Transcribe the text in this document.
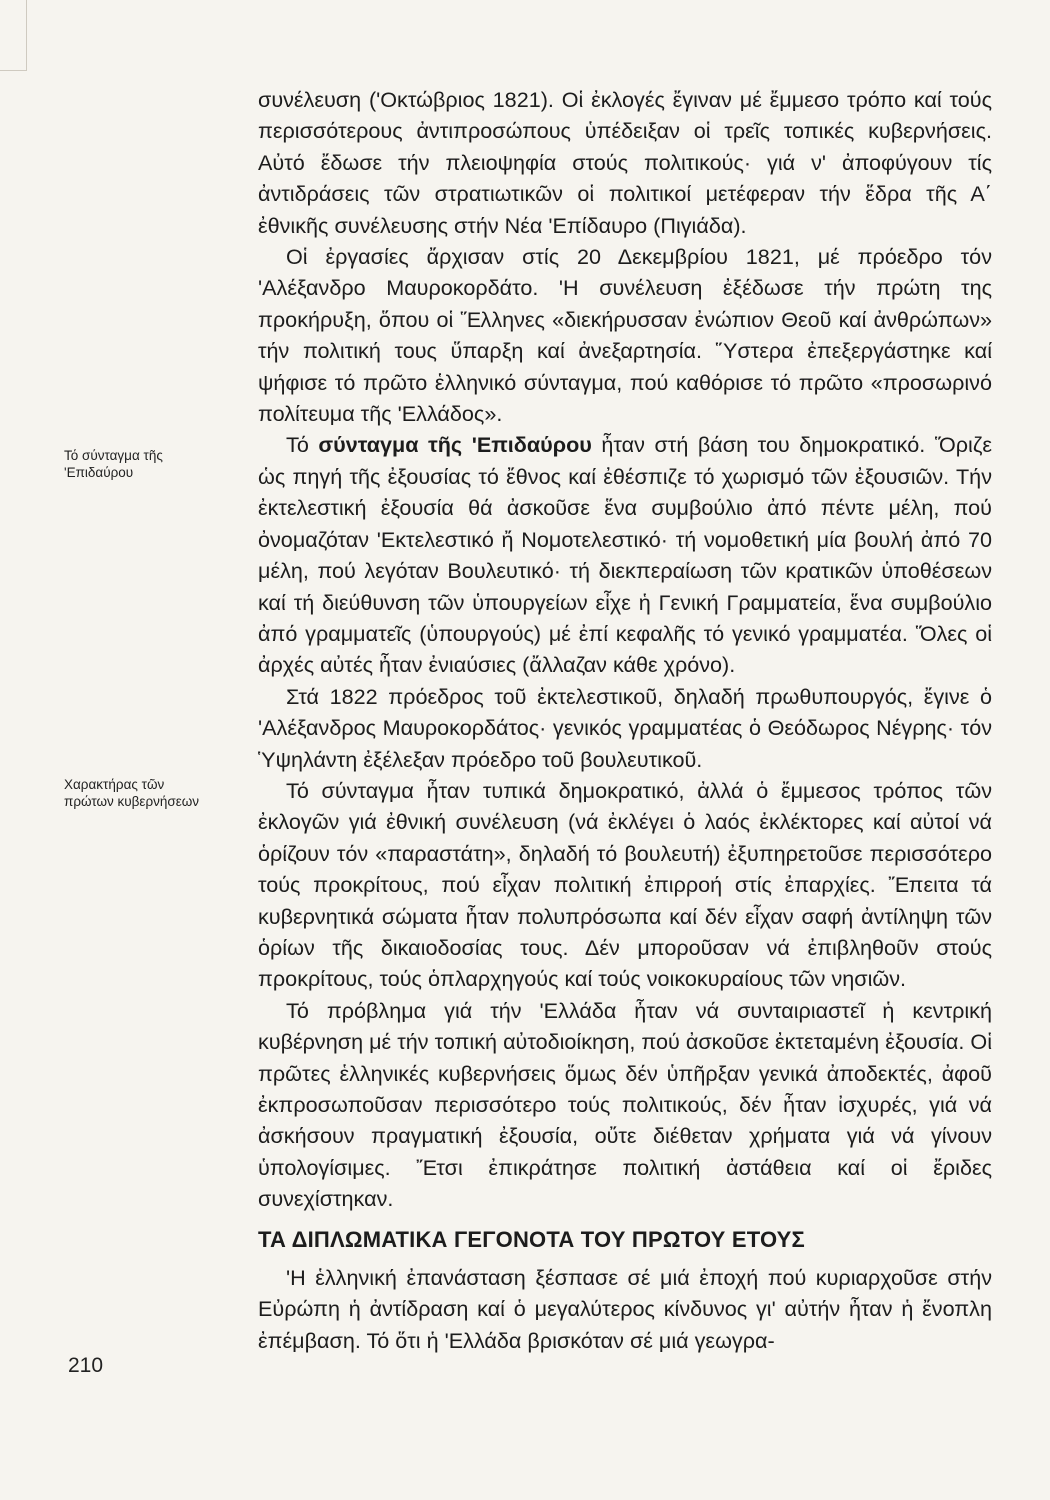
Τό σύνταγμα τῆς 'Επιδαύρου
Χαρακτήρας τῶν πρώτων κυβερνήσεων

συνέλευση ('Οκτώβριος 1821). Οἱ ἐκλογές ἔγιναν μέ ἔμμεσο τρόπο καί τούς περισσότερους ἀντιπροσώπους ὑπέδειξαν οἱ τρεῖς τοπικές κυβερνήσεις. Αὐτό ἔδωσε τήν πλειοψηφία στούς πολιτικούς· γιά ν' ἀποφύγουν τίς ἀντιδράσεις τῶν στρατιωτικῶν οἱ πολιτικοί μετέφεραν τήν ἕδρα τῆς Α΄ ἐθνικῆς συνέλευσης στήν Νέα 'Επίδαυρο (Πιγιάδα).

Οἱ ἐργασίες ἄρχισαν στίς 20 Δεκεμβρίου 1821, μέ πρόεδρο τόν 'Αλέξανδρο Μαυροκορδάτο. 'Η συνέλευση ἐξέδωσε τήν πρώτη της προκήρυξη, ὅπου οἱ Ἕλληνες «διεκήρυσσαν ἐνώπιον Θεοῦ καί ἀνθρώπων» τήν πολιτική τους ὕπαρξη καί ἀνεξαρτησία. Ὕστερα ἐπεξεργάστηκε καί ψήφισε τό πρῶτο ἑλληνικό σύνταγμα, πού καθόρισε τό πρῶτο «προσωρινό πολίτευμα τῆς 'Ελλάδος».

Τό σύνταγμα τῆς 'Επιδαύρου ἦταν στή βάση του δημοκρατικό. Ὅριζε ὡς πηγή τῆς ἐξουσίας τό ἔθνος καί ἐθέσπιζε τό χωρισμό τῶν ἐξουσιῶν. Τήν ἐκτελεστική ἐξουσία θά ἀσκοῦσε ἕνα συμβούλιο ἀπό πέντε μέλη, πού ὀνομαζόταν 'Εκτελεστικό ἤ Νομοτελεστικό· τή νομοθετική μία βουλή ἀπό 70 μέλη, πού λεγόταν Βουλευτικό· τή διεκπεραίωση τῶν κρατικῶν ὑποθέσεων καί τή διεύθυνση τῶν ὑπουργείων εἶχε ἡ Γενική Γραμματεία, ἕνα συμβούλιο ἀπό γραμματεῖς (ὑπουργούς) μέ ἐπί κεφαλῆς τό γενικό γραμματέα. Ὅλες οἱ ἀρχές αὐτές ἦταν ἐνιαύσιες (ἄλλαζαν κάθε χρόνο).

Στά 1822 πρόεδρος τοῦ ἐκτελεστικοῦ, δηλαδή πρωθυπουργός, ἔγινε ὁ 'Αλέξανδρος Μαυροκορδάτος· γενικός γραμματέας ὁ Θεόδωρος Νέγρης· τόν Ὑψηλάντη ἐξέλεξαν πρόεδρο τοῦ βουλευτικοῦ.

Τό σύνταγμα ἦταν τυπικά δημοκρατικό, ἀλλά ὁ ἔμμεσος τρόπος τῶν ἐκλογῶν γιά ἐθνική συνέλευση (νά ἐκλέγει ὁ λαός ἐκλέκτορες καί αὐτοί νά ὁρίζουν τόν «παραστάτη», δηλαδή τό βουλευτή) ἐξυπηρετοῦσε περισσότερο τούς προκρίτους, πού εἶχαν πολιτική ἐπιρροή στίς ἐπαρχίες. Ἔπειτα τά κυβερνητικά σώματα ἦταν πολυπρόσωπα καί δέν εἶχαν σαφή ἀντίληψη τῶν ὁρίων τῆς δικαιοδοσίας τους. Δέν μποροῦσαν νά ἐπιβληθοῦν στούς προκρίτους, τούς ὁπλαρχηγούς καί τούς νοικοκυραίους τῶν νησιῶν.

Τό πρόβλημα γιά τήν 'Ελλάδα ἦταν νά συνταιριαστεῖ ἡ κεντρική κυβέρνηση μέ τήν τοπική αὐτοδιοίκηση, πού ἀσκοῦσε ἐκτεταμένη ἐξουσία. Οἱ πρῶτες ἑλληνικές κυβερνήσεις ὅμως δέν ὑπῆρξαν γενικά ἀποδεκτές, ἀφοῦ ἐκπροσωποῦσαν περισσότερο τούς πολιτικούς, δέν ἦταν ἰσχυρές, γιά νά ἀσκήσουν πραγματική ἐξουσία, οὔτε διέθεταν χρήματα γιά νά γίνουν ὑπολογίσιμες. Ἔτσι ἐπικράτησε πολιτική ἀστάθεια καί οἱ ἔριδες συνεχίστηκαν.

ΤΑ ΔΙΠΛΩΜΑΤΙΚΑ ΓΕΓΟΝΟΤΑ ΤΟΥ ΠΡΩΤΟΥ ΕΤΟΥΣ

'Η ἑλληνική ἐπανάσταση ξέσπασε σέ μιά ἐποχή πού κυριαρχοῦσε στήν Εὐρώπη ἡ ἀντίδραση καί ὁ μεγαλύτερος κίνδυνος γι' αὐτήν ἦταν ἡ ἔνοπλη ἐπέμβαση. Τό ὅτι ἡ 'Ελλάδα βρισκόταν σέ μιά γεωγρα-

210
